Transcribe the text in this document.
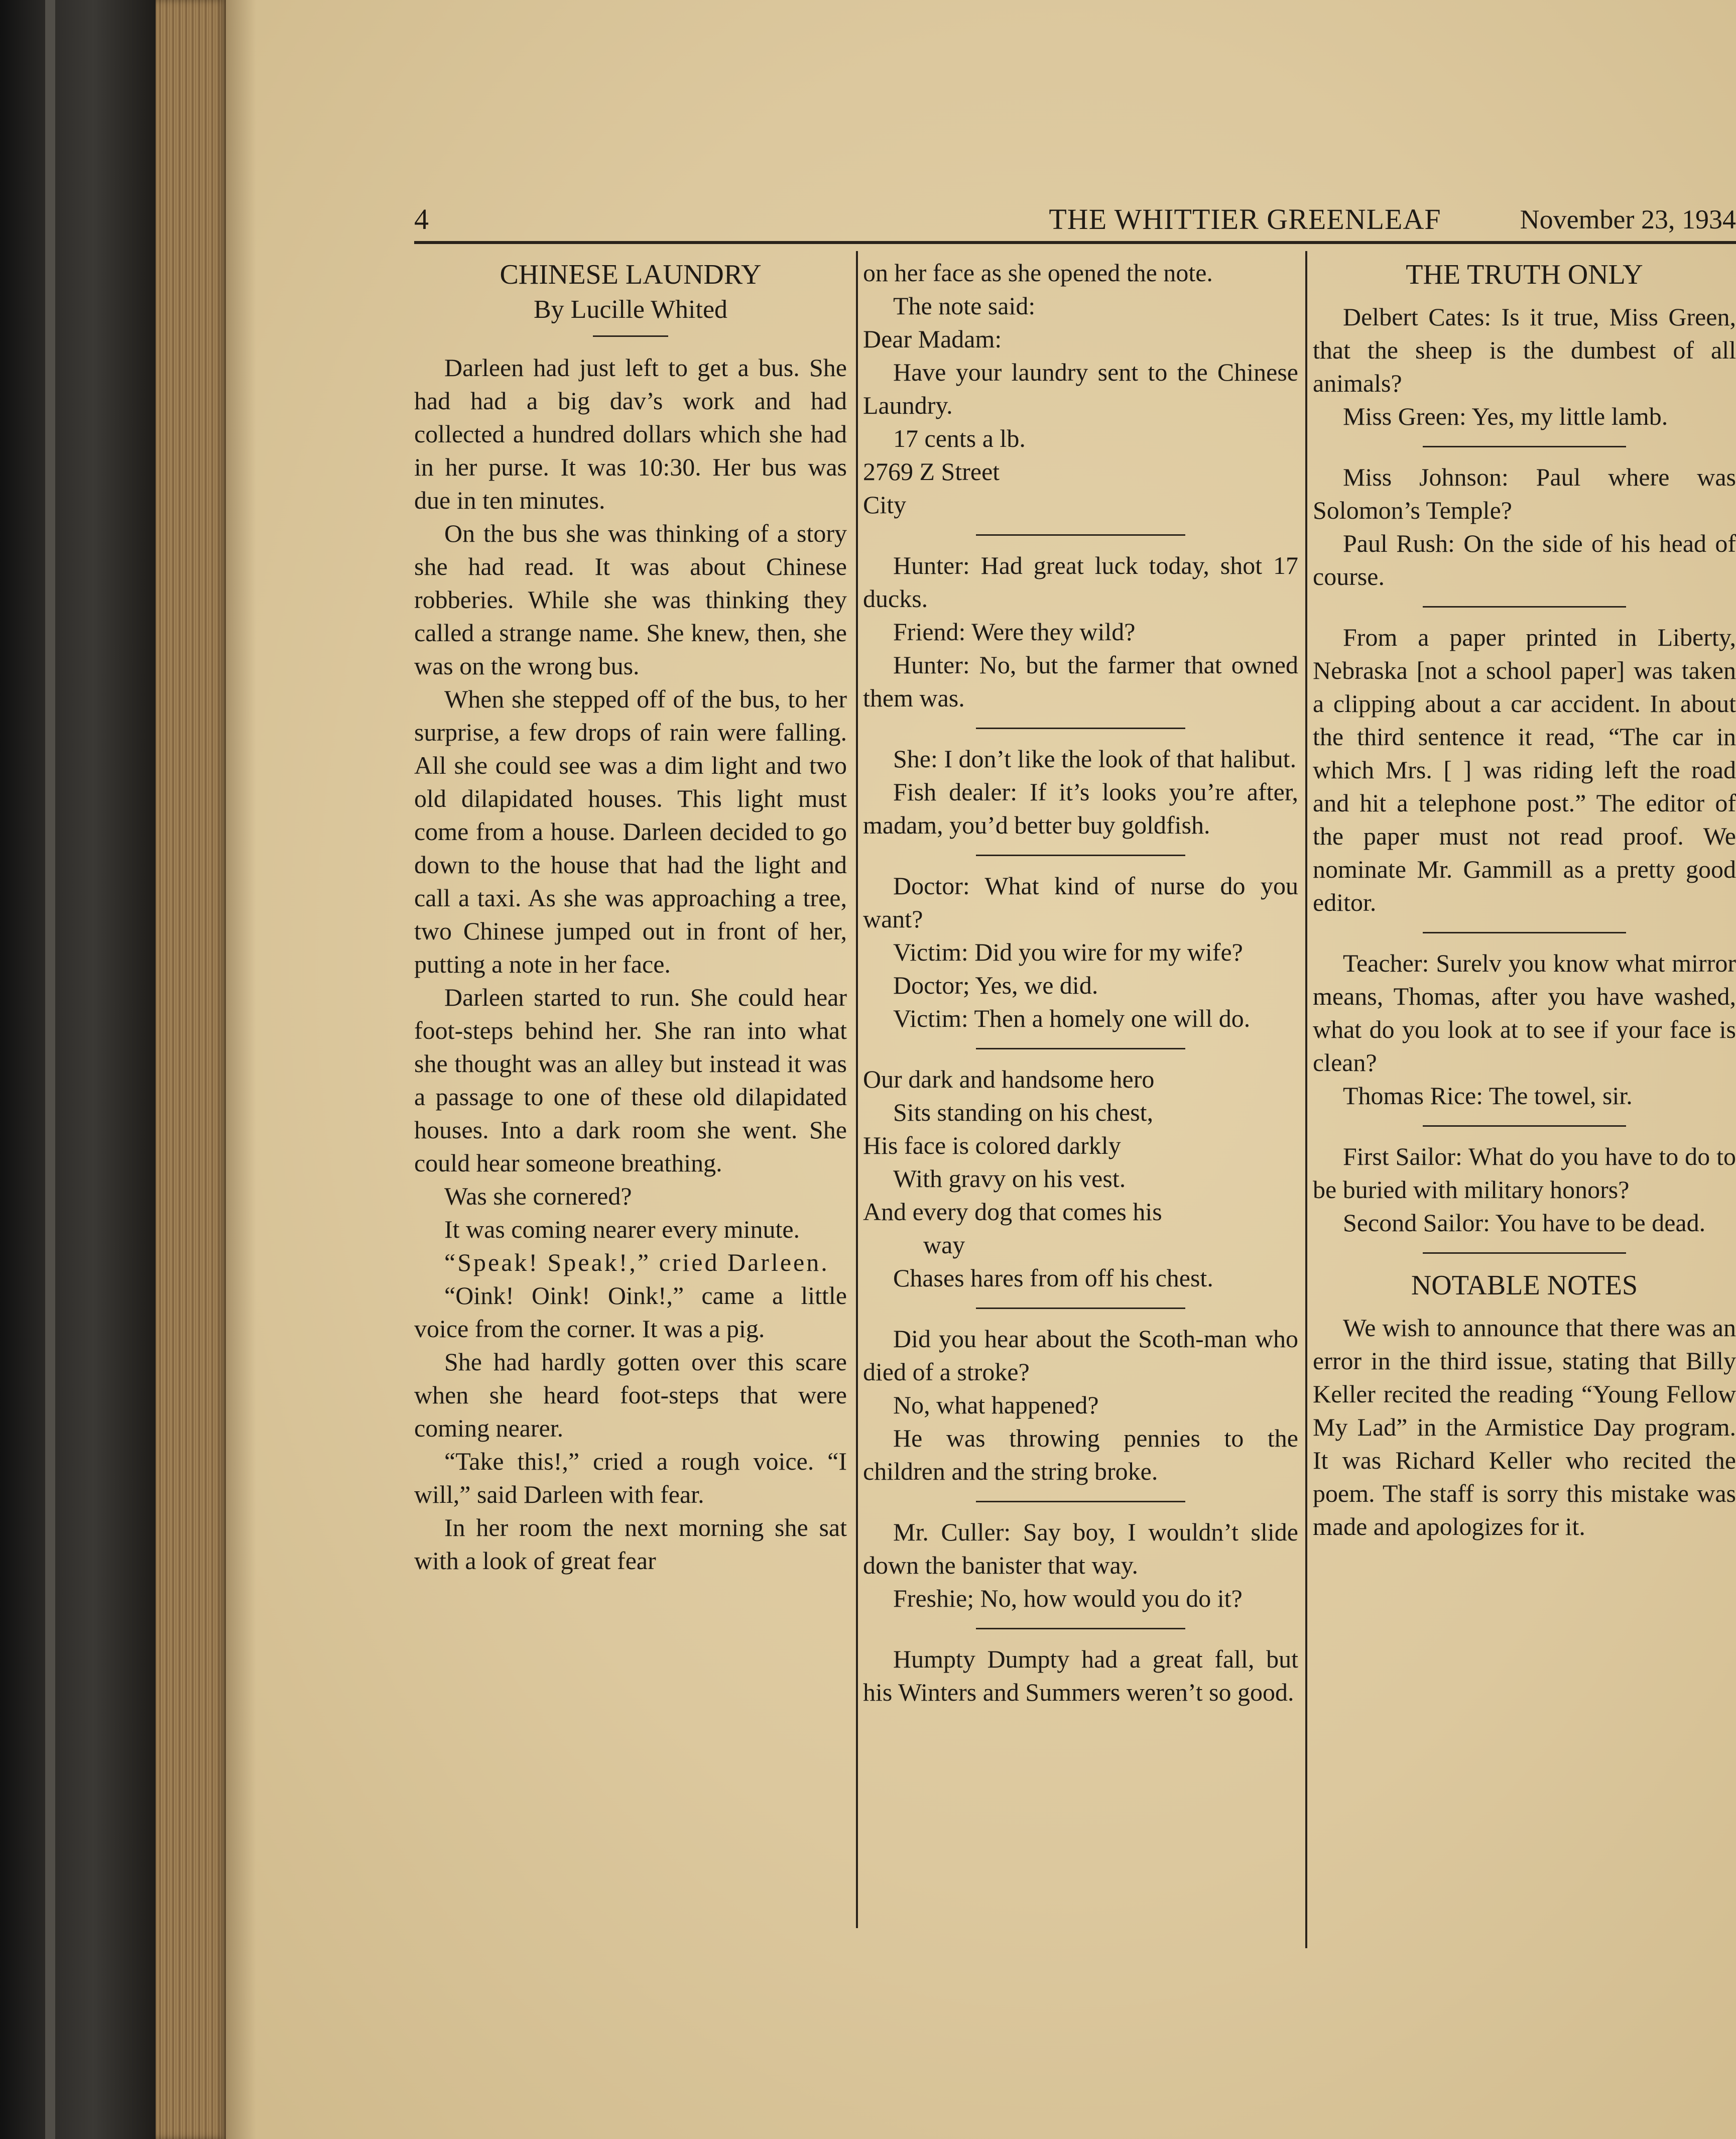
4	THE WHITTIER GREENLEAF	November 23, 1934
CHINESE LAUNDRY
By Lucille Whited

Darleen had just left to get a bus. She had had a big dav’s work and had collected a hundred dollars which she had in her purse. It was 10:30. Her bus was due in ten minutes.

On the bus she was thinking of a story she had read. It was about Chinese robberies. While she was thinking they called a strange name. She knew, then, she was on the wrong bus.

When she stepped off of the bus, to her surprise, a few drops of rain were falling. All she could see was a dim light and two old dilapidated houses. This light must come from a house. Darleen decided to go down to the house that had the light and call a taxi. As she was approaching a tree, two Chinese jumped out in front of her, putting a note in her face.

Darleen started to run. She could hear foot-steps behind her. She ran into what she thought was an alley but instead it was a passage to one of these old dilapidated houses. Into a dark room she went. She could hear someone breathing.

Was she cornered?

It was coming nearer every minute.

“Speak! Speak!,” cried Darleen.

“Oink! Oink! Oink!,” came a little voice from the corner. It was a pig.

She had hardly gotten over this scare when she heard foot-steps that were coming nearer.

“Take this!,” cried a rough voice. “I will,” said Darleen with fear.

In her room the next morning she sat with a look of great fear

on her face as she opened the note.

The note said:

Dear Madam:

Have your laundry sent to the Chinese Laundry.

17 cents a lb.

2769 Z Street

City

Hunter: Had great luck today, shot 17 ducks.

Friend: Were they wild?

Hunter: No, but the farmer that owned them was.

She: I don’t like the look of that halibut.

Fish dealer: If it’s looks you’re after, madam, you’d better buy goldfish.

Doctor: What kind of nurse do you want?

Victim: Did you wire for my wife?

Doctor; Yes, we did.

Victim: Then a homely one will do.

Our dark and handsome hero

Sits standing on his chest,

His face is colored darkly

With gravy on his vest.

And every dog that comes his

way

Chases hares from off his chest.

Did you hear about the Scoth-man who died of a stroke?

No, what happened?

He was throwing pennies to the children and the string broke.

Mr. Culler: Say boy, I wouldn’t slide down the banister that way.

Freshie; No, how would you do it?

Humpty Dumpty had a great fall, but his Winters and Summers weren’t so good.

THE TRUTH ONLY

Delbert Cates: Is it true, Miss Green, that the sheep is the dumbest of all animals?

Miss Green: Yes, my little lamb.

Miss Johnson: Paul where was Solomon’s Temple?

Paul Rush: On the side of his head of course.

From a paper printed in Liberty, Nebraska [not a school paper] was taken a clipping about a car accident. In about the third sentence it read, “The car in which Mrs. [ ] was riding left the road and hit a telephone post.” The editor of the paper must not read proof. We nominate Mr. Gammill as a pretty good editor.

Teacher: Surelv you know what mirror means, Thomas, after you have washed, what do you look at to see if your face is clean?

Thomas Rice: The towel, sir.

First Sailor: What do you have to do to be buried with military honors?

Second Sailor: You have to be dead.

NOTABLE NOTES

We wish to announce that there was an error in the third issue, stating that Billy Keller recited the reading “Young Fellow My Lad” in the Armistice Day program. It was Richard Keller who recited the poem. The staff is sorry this mistake was made and apologizes for it.
